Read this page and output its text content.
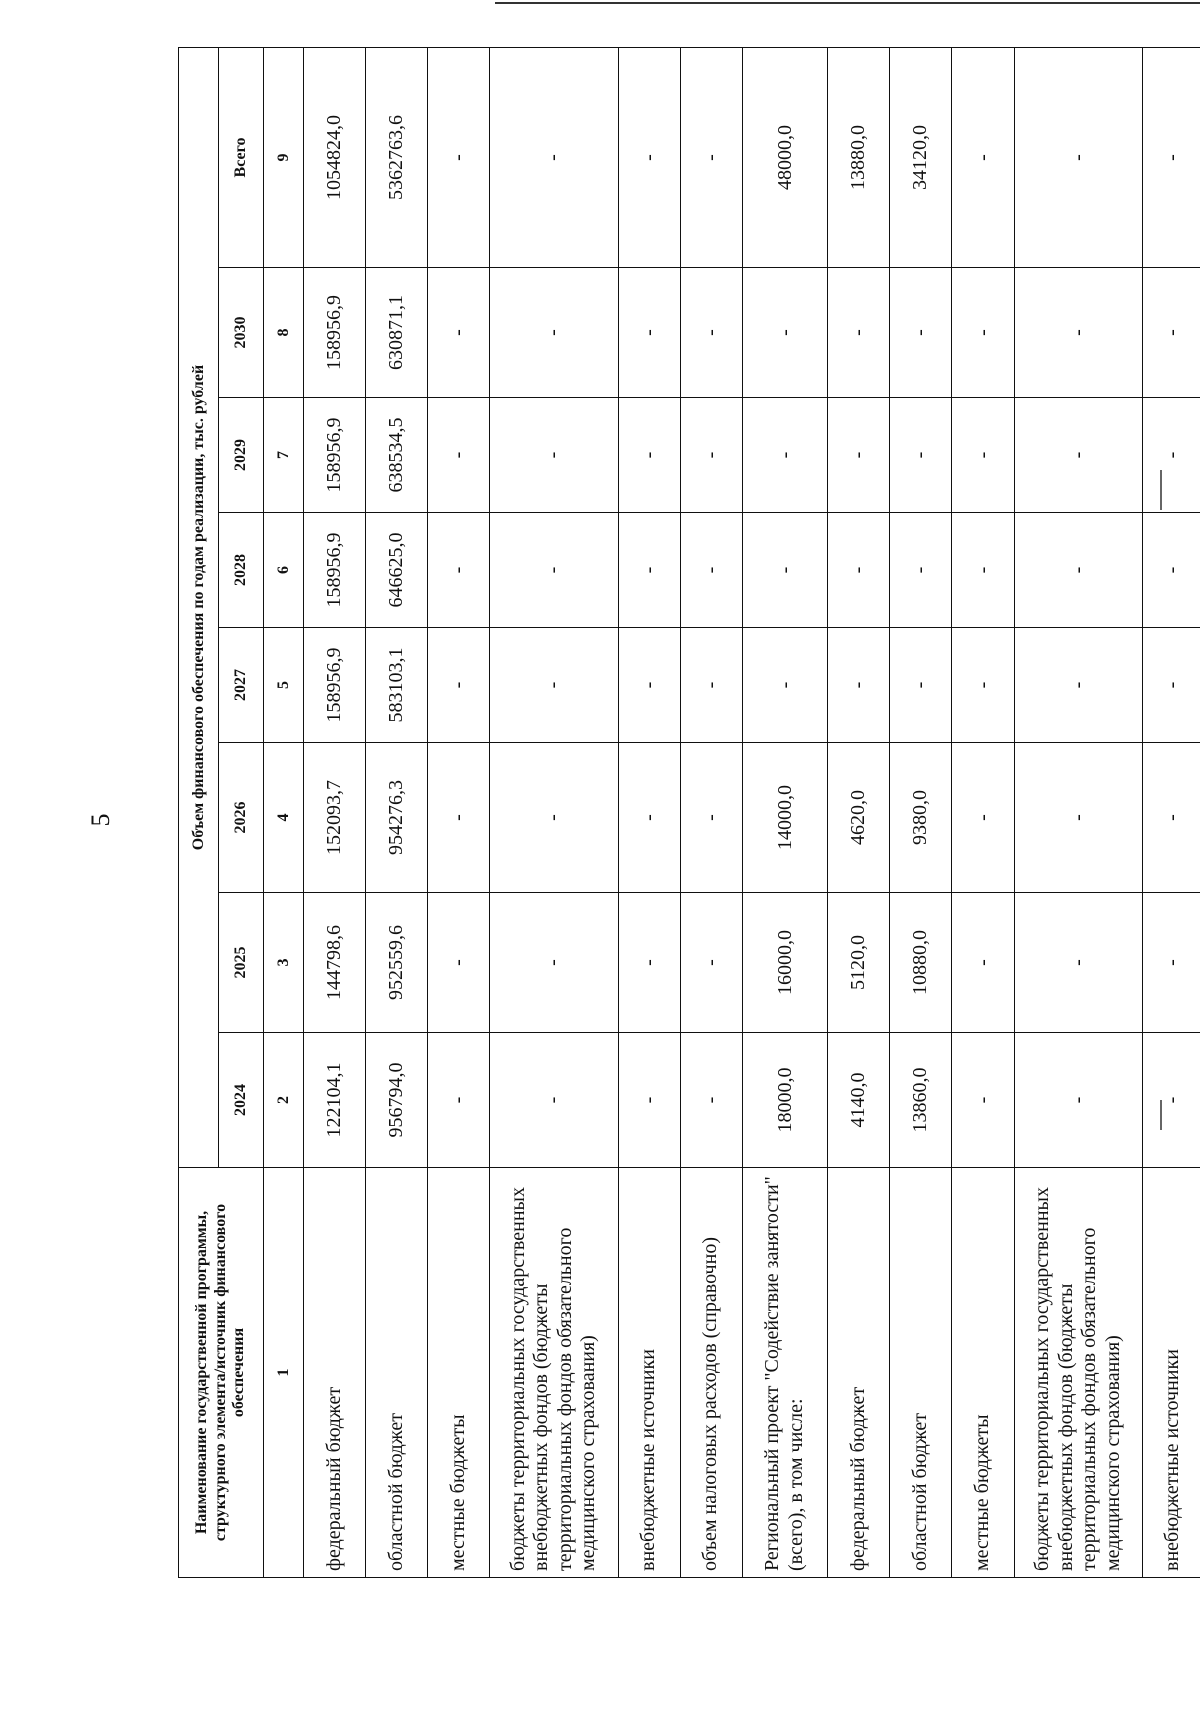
5
Наименование государственной программы, структурного элемента/источник финансового обеспечения	Объем финансового обеспечения по годам реализации, тыс. рублей							
	2024	2025	2026	2027	2028	2029	2030	Всего
1	2	3	4	5	6	7	8	9
федеральный бюджет	122104,1	144798,6	152093,7	158956,9	158956,9	158956,9	158956,9	1054824,0
областной бюджет	956794,0	952559,6	954276,3	583103,1	646625,0	638534,5	630871,1	5362763,6
местные бюджеты	-	-	-	-	-	-	-	-
бюджеты территориальных государственных внебюджетных фондов (бюджеты территориальных фондов обязательного медицинского страхования)	-	-	-	-	-	-	-	-
внебюджетные источники	-	-	-	-	-	-	-	-
объем налоговых расходов (справочно)	-	-	-	-	-	-	-	-
Региональный проект "Содействие занятости" (всего), в том числе:	18000,0	16000,0	14000,0	-	-	-	-	48000,0
федеральный бюджет	4140,0	5120,0	4620,0	-	-	-	-	13880,0
областной бюджет	13860,0	10880,0	9380,0	-	-	-	-	34120,0
местные бюджеты	-	-	-	-	-	-	-	-
бюджеты территориальных государственных внебюджетных фондов (бюджеты территориальных фондов обязательного медицинского страхования)	-	-	-	-	-	-	-	-
внебюджетные источники	-	-	-	-	-	-	-	-
